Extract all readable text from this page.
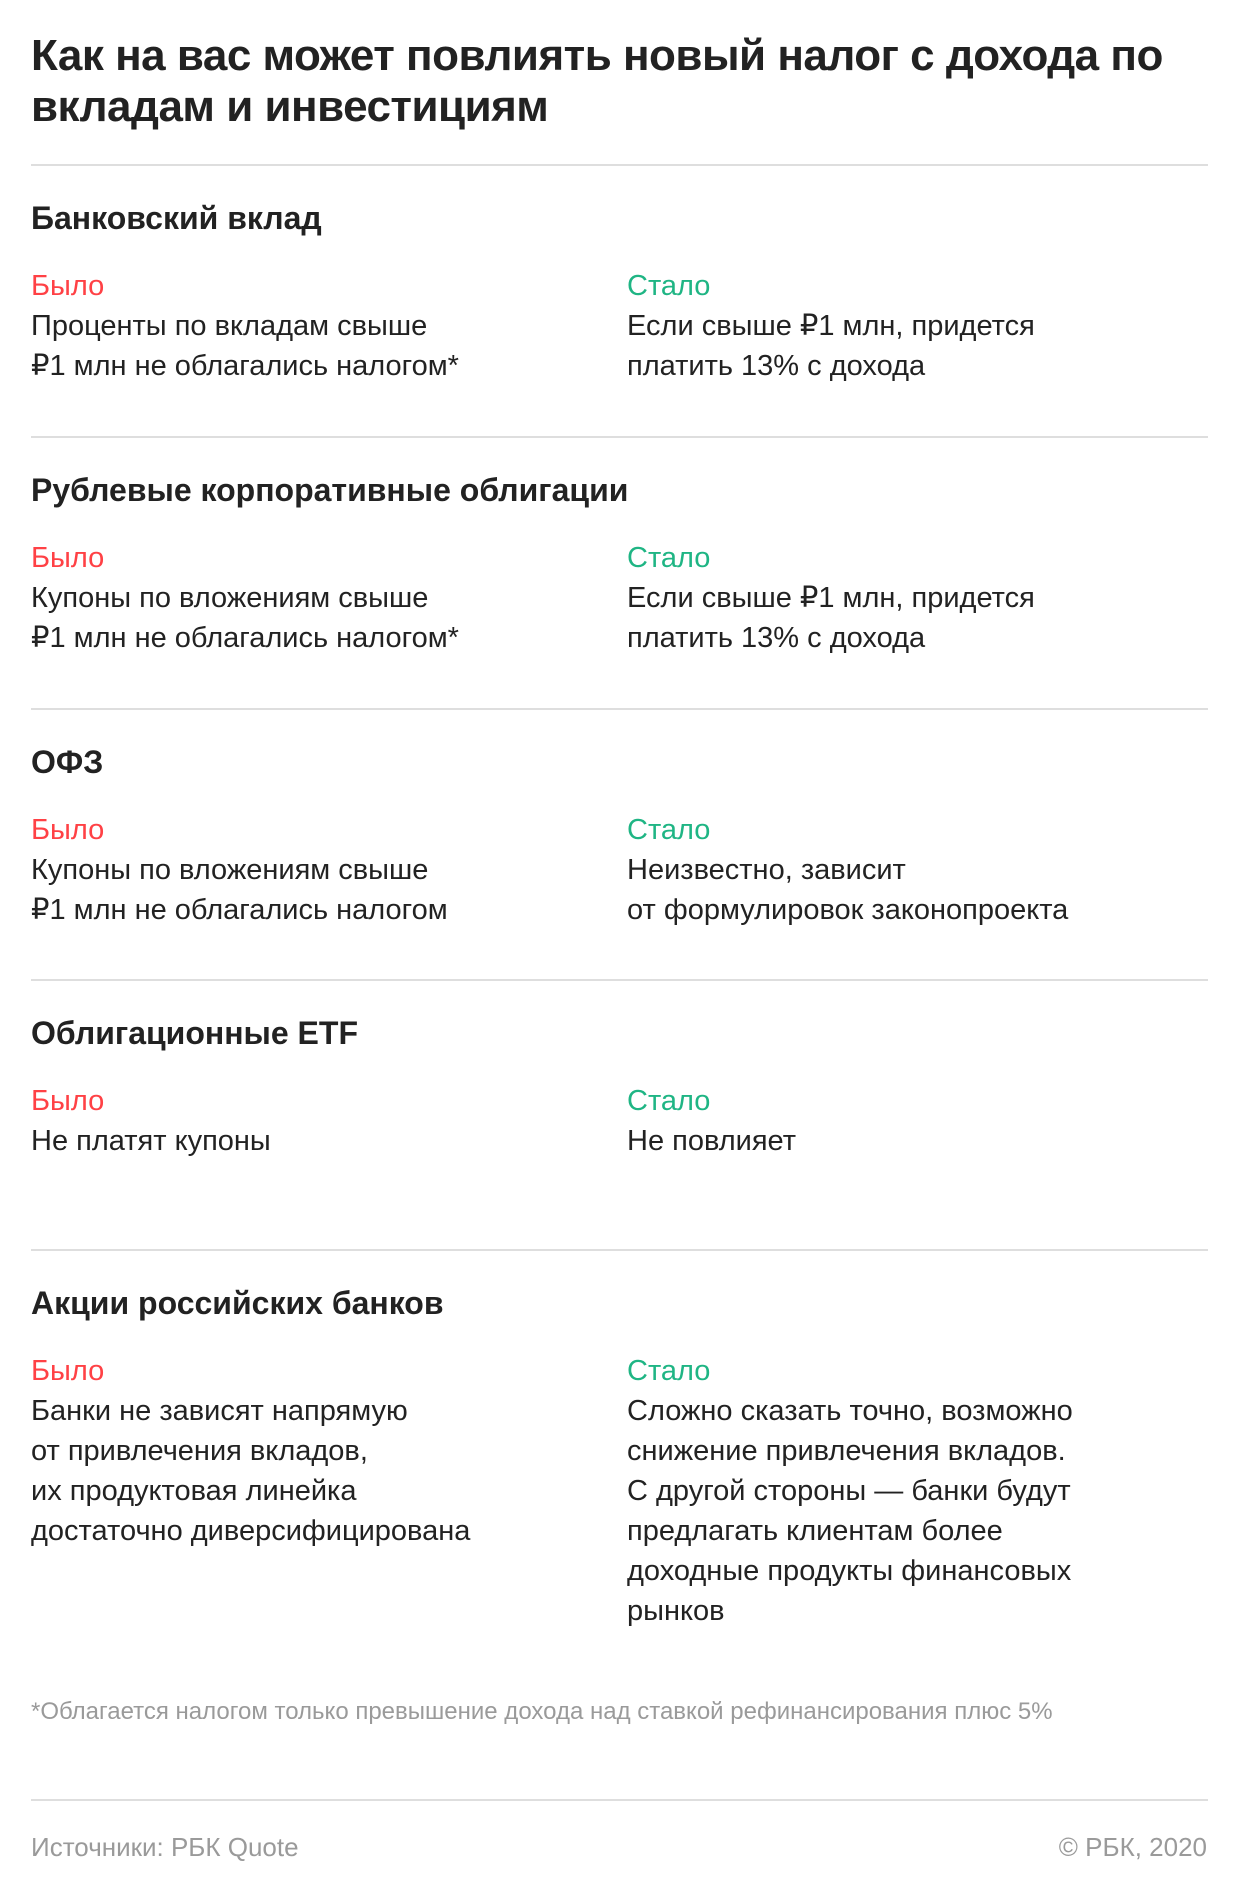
Как на вас может повлиять новый налог с дохода по вкладам и инвестициям
Банковский вклад
Было
Проценты по вкладам свыше
₽1 млн не облагались налогом*
Стало
Если свыше ₽1 млн, придется
платить 13% с дохода
Рублевые корпоративные облигации
Было
Купоны по вложениям свыше
₽1 млн не облагались налогом*
Стало
Если свыше ₽1 млн, придется
платить 13% с дохода
ОФЗ
Было
Купоны по вложениям свыше
₽1 млн не облагались налогом
Стало
Неизвестно, зависит
от формулировок законопроекта
Облигационные ETF
Было
Не платят купоны
Стало
Не повлияет
Акции российских банков
Было
Банки не зависят напрямую
от привлечения вкладов,
их продуктовая линейка
достаточно диверсифицирована
Стало
Сложно сказать точно, возможно
снижение привлечения вкладов.
С другой стороны — банки будут
предлагать клиентам более
доходные продукты финансовых
рынков
*Облагается налогом только превышение дохода над ставкой рефинансирования плюс 5%
Источники: РБК Quote	© РБК, 2020
